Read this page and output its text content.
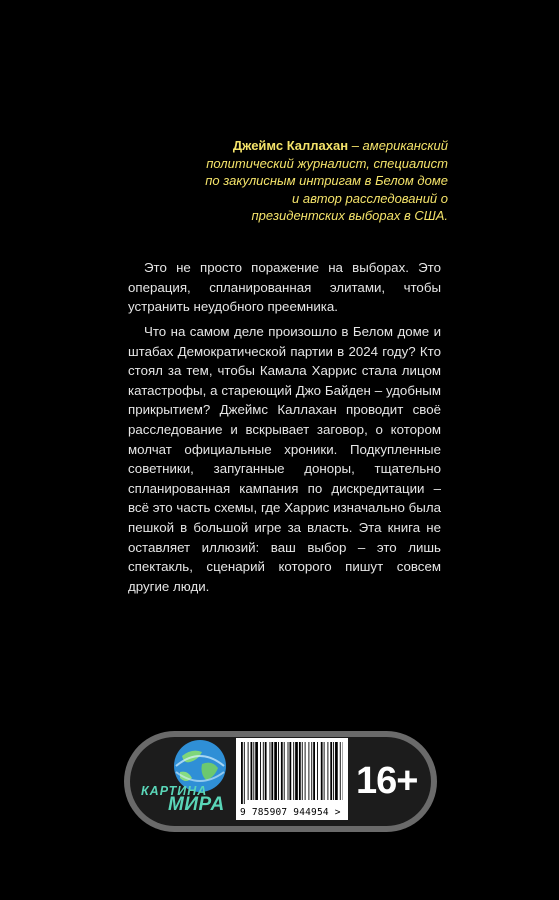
Джеймс Каллахан – американский политический журналист, специалист по закулисным интригам в Белом доме и автор расследований о президентских выборах в США.

Это не просто поражение на выборах. Это операция, спланированная элитами, чтобы устранить неудобного преемника.

Что на самом деле произошло в Белом доме и штабах Демократической партии в 2024 году? Кто стоял за тем, чтобы Камала Харрис стала лицом катастрофы, а стареющий Джо Байден – удобным прикрытием? Джеймс Каллахан проводит своё расследование и вскрывает заговор, о котором молчат официальные хроники. Подкупленные советники, запуганные доноры, тщательно спланированная кампания по дискредитации – всё это часть схемы, где Харрис изначально была пешкой в большой игре за власть. Эта книга не оставляет иллюзий: ваш выбор – это лишь спектакль, сценарий которого пишут совсем другие люди.

КАРТИНА
МИРА 9 785907 944954 >
16+
